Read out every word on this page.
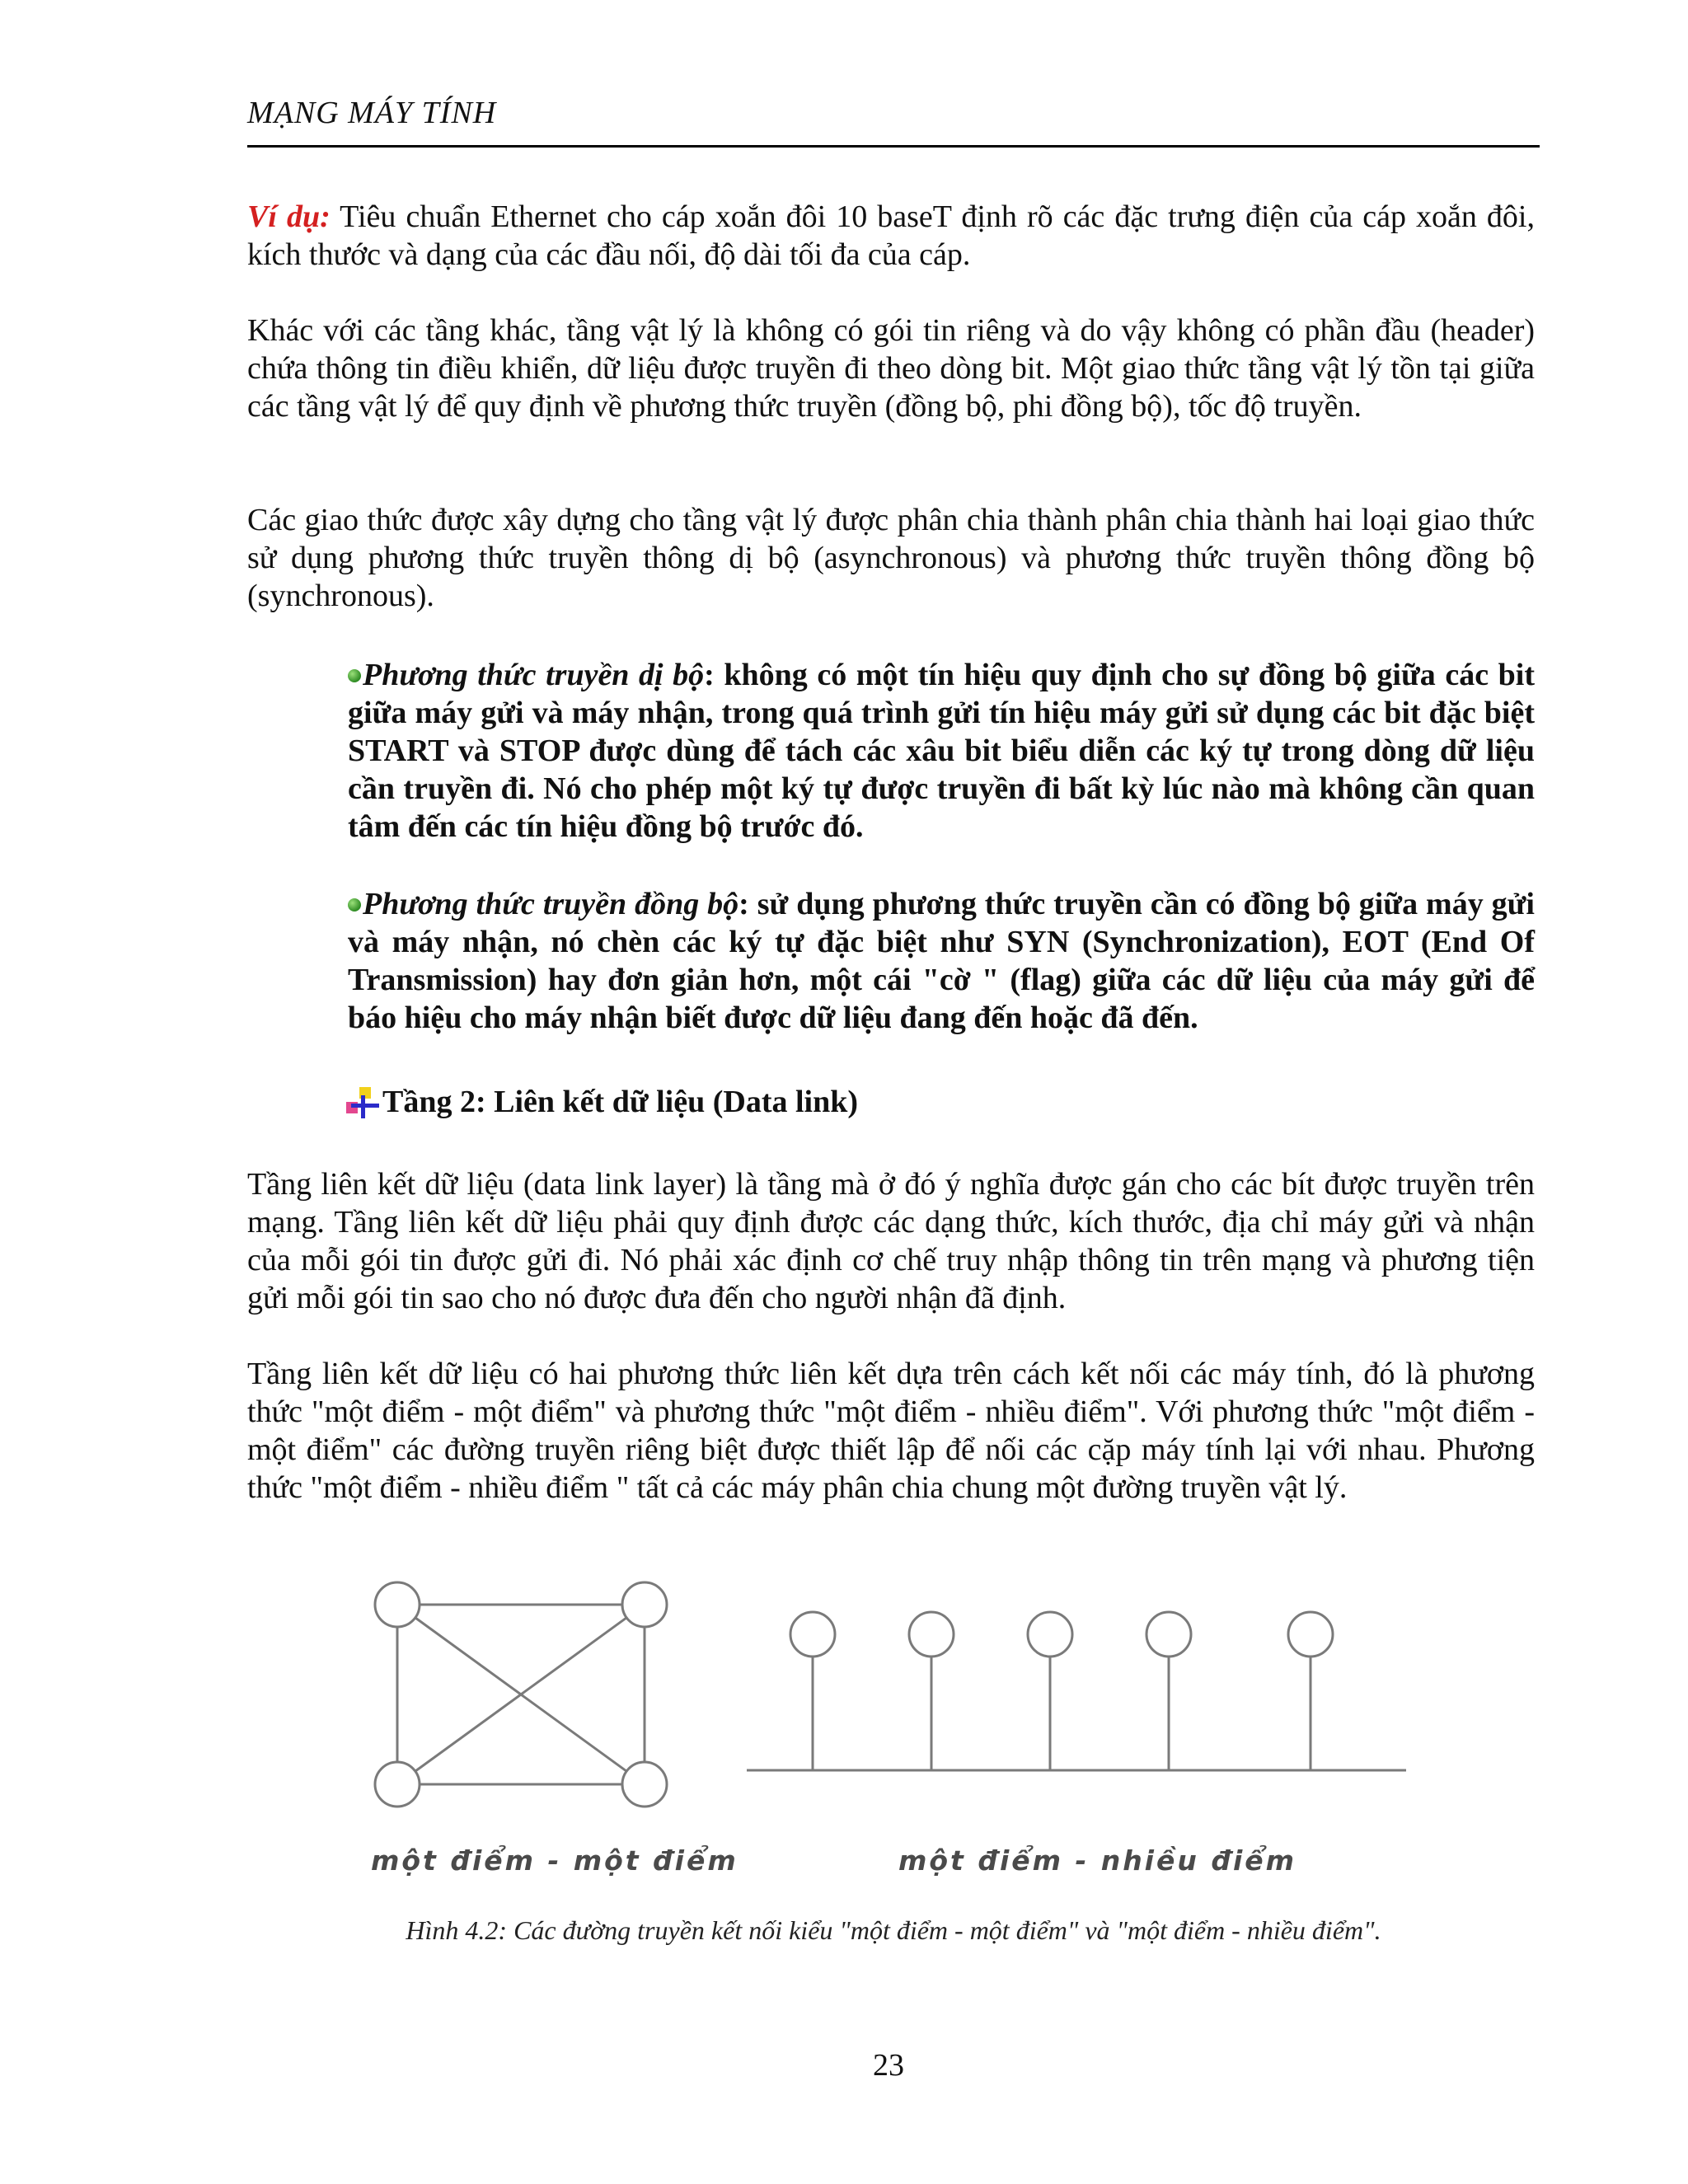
MẠNG MÁY TÍNH

Ví dụ: Tiêu chuẩn Ethernet cho cáp xoắn đôi 10 baseT định rõ các đặc trưng điện của cáp xoắn đôi, kích thước và dạng của các đầu nối, độ dài tối đa của cáp.

Khác với các tầng khác, tầng vật lý là không có gói tin riêng và do vậy không có phần đầu (header) chứa thông tin điều khiển, dữ liệu được truyền đi theo dòng bit. Một giao thức tầng vật lý tồn tại giữa các tầng vật lý để quy định về phương thức truyền (đồng bộ, phi đồng bộ), tốc độ truyền.

Các giao thức được xây dựng cho tầng vật lý được phân chia thành phân chia thành hai loại giao thức sử dụng phương thức truyền thông dị bộ (asynchronous) và phương thức truyền thông đồng bộ (synchronous).

Phương thức truyền dị bộ: không có một tín hiệu quy định cho sự đồng bộ giữa các bit giữa máy gửi và máy nhận, trong quá trình gửi tín hiệu máy gửi sử dụng các bit đặc biệt START và STOP được dùng để tách các xâu bit biểu diễn các ký tự trong dòng dữ liệu cần truyền đi. Nó cho phép một ký tự được truyền đi bất kỳ lúc nào mà không cần quan tâm đến các tín hiệu đồng bộ trước đó.

Phương thức truyền đồng bộ: sử dụng phương thức truyền cần có đồng bộ giữa máy gửi và máy nhận, nó chèn các ký tự đặc biệt như SYN (Synchronization), EOT (End Of Transmission) hay đơn giản hơn, một cái "cờ " (flag) giữa các dữ liệu của máy gửi để báo hiệu cho máy nhận biết được dữ liệu đang đến hoặc đã đến.

Tầng 2: Liên kết dữ liệu (Data link)

Tầng liên kết dữ liệu (data link layer) là tầng mà ở đó ý nghĩa được gán cho các bít được truyền trên mạng. Tầng liên kết dữ liệu phải quy định được các dạng thức, kích thước, địa chỉ máy gửi và nhận của mỗi gói tin được gửi đi. Nó phải xác định cơ chế truy nhập thông tin trên mạng và phương tiện gửi mỗi gói tin sao cho nó được đưa đến cho người nhận đã định.

Tầng liên kết dữ liệu có hai phương thức liên kết dựa trên cách kết nối các máy tính, đó là phương thức "một điểm - một điểm" và phương thức "một điểm - nhiều điểm". Với phương thức "một điểm - một điểm" các đường truyền riêng biệt được thiết lập để nối các cặp máy tính lại với nhau. Phương thức "một điểm - nhiều điểm " tất cả các máy phân chia chung một đường truyền vật lý.

một điểm - một điểm	một điểm - nhiều điểm
Hình 4.2: Các đường truyền kết nối kiểu "một điểm - một điểm" và "một điểm - nhiều điểm".
23
